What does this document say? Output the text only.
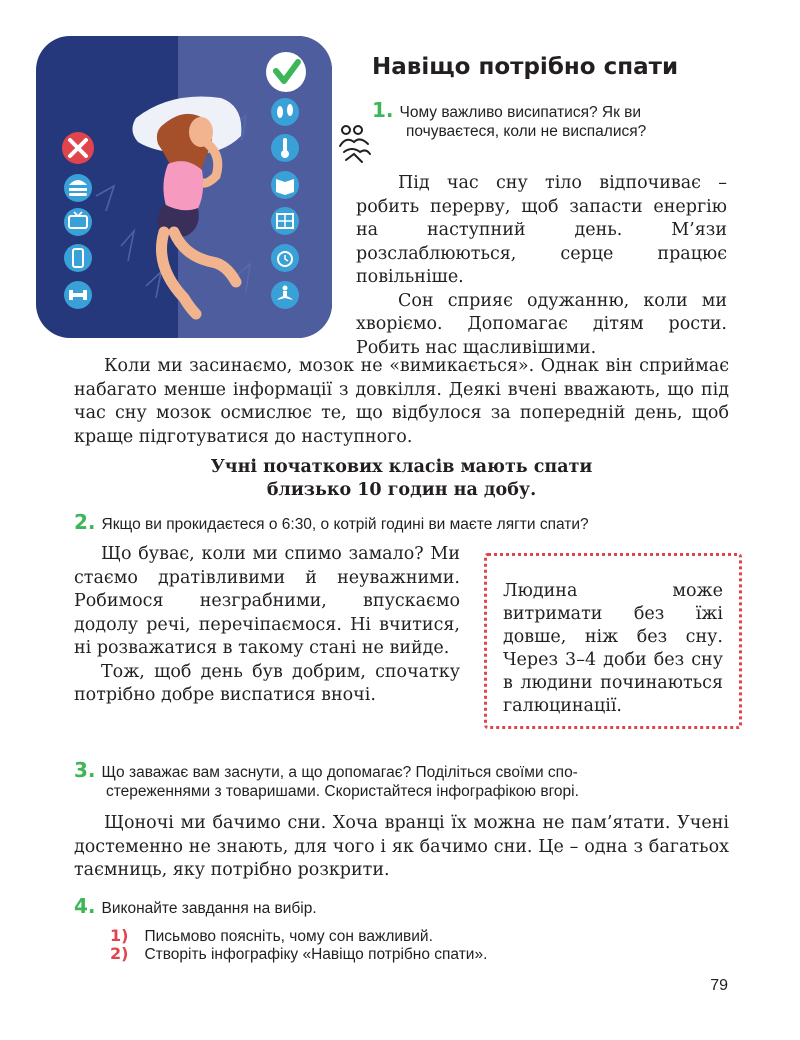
Навіщо потрібно спати
1. Чому важливо висипатися? Як ви
почуваєтеся, коли не виспалися?

Під час сну тіло відпочиває – робить перерву, щоб запасти енергію на наступний день. М’язи розслаблюються, серце працює повільніше.

Сон сприяє одужанню, коли ми хворіємо. Допомагає дітям рости. Робить нас щасливішими.

Коли ми засинаємо, мозок не «вимикається». Однак він сприймає набагато менше інформації з довкілля. Деякі вчені вважають, що під час сну мозок осмислює те, що відбулося за попередній день, щоб краще підготуватися до наступного.

Учні початкових класів мають спати
близько 10 годин на добу.
2. Якщо ви прокидаєтеся о 6:30, о котрій годині ви маєте лягти спати?

Що буває, коли ми спимо замало? Ми стаємо дратівливими й неуважними. Робимося незграбними, впускаємо додолу речі, перечіпаємося. Ні вчитися, ні розважатися в такому стані не вийде.

Тож, щоб день був добрим, спочатку потрібно добре виспатися вночі.

Людина може витримати без їжі довше, ніж без сну. Через 3–4 доби без сну в людини починаються галюцинації.

3. Що заважає вам заснути, а що допомагає? Поділіться своїми спо-
стереженнями з товаришами. Скористайтеся інфографікою вгорі.

Щоночі ми бачимо сни. Хоча вранці їх можна не пам’ятати. Учені достеменно не знають, для чого і як бачимо сни. Це – одна з багатьох таємниць, яку потрібно розкрити.

4. Виконайте завдання на вибір.
1) Письмово поясніть, чому сон важливий.
2) Створіть інфографіку «Навіщо потрібно спати».
79
